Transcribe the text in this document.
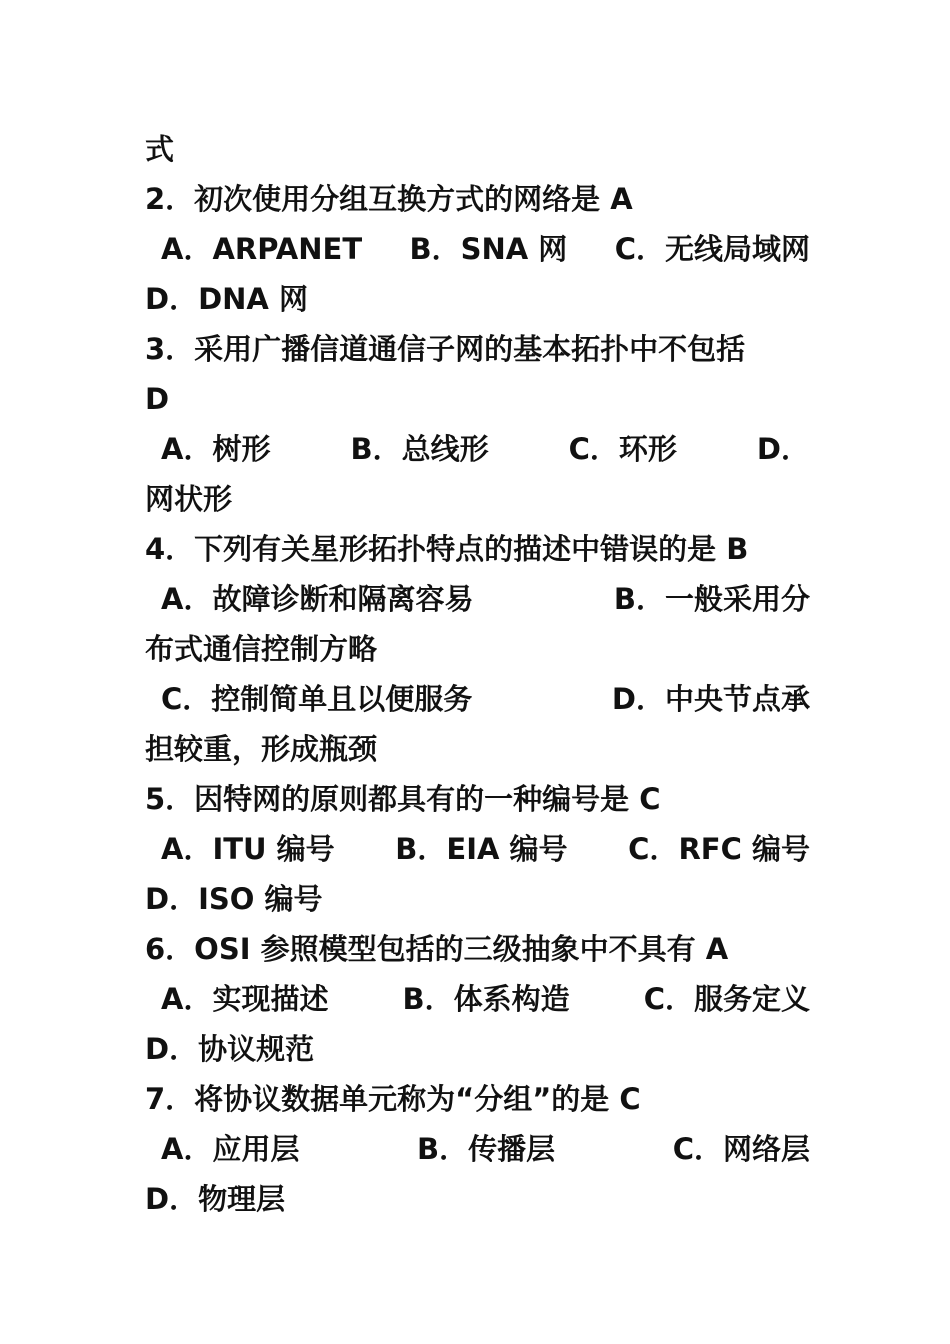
式
2．初次使用分组互换方式的网络是 A
A．ARPANET B．SNA 网 C．无线局域网
D．DNA 网
3．采用广播信道通信子网的基本拓扑中不包括
D
A．树形	B．总线形	C．环形	D．
网状形
4．下列有关星形拓扑特点的描述中错误的是 B
A．故障诊断和隔离容易	B．一般采用分
布式通信控制方略
C．控制简单且以便服务	D．中央节点承
担较重，形成瓶颈
5．因特网的原则都具有的一种编号是 C
A．ITU 编号 B．EIA 编号 C．RFC 编号
D．ISO 编号
6．OSI 参照模型包括的三级抽象中不具有 A
A．实现描述	B．体系构造	C．服务定义
D．协议规范
7．将协议数据单元称为“分组”的是 C
A．应用层	B．传播层	C．网络层
D．物理层
